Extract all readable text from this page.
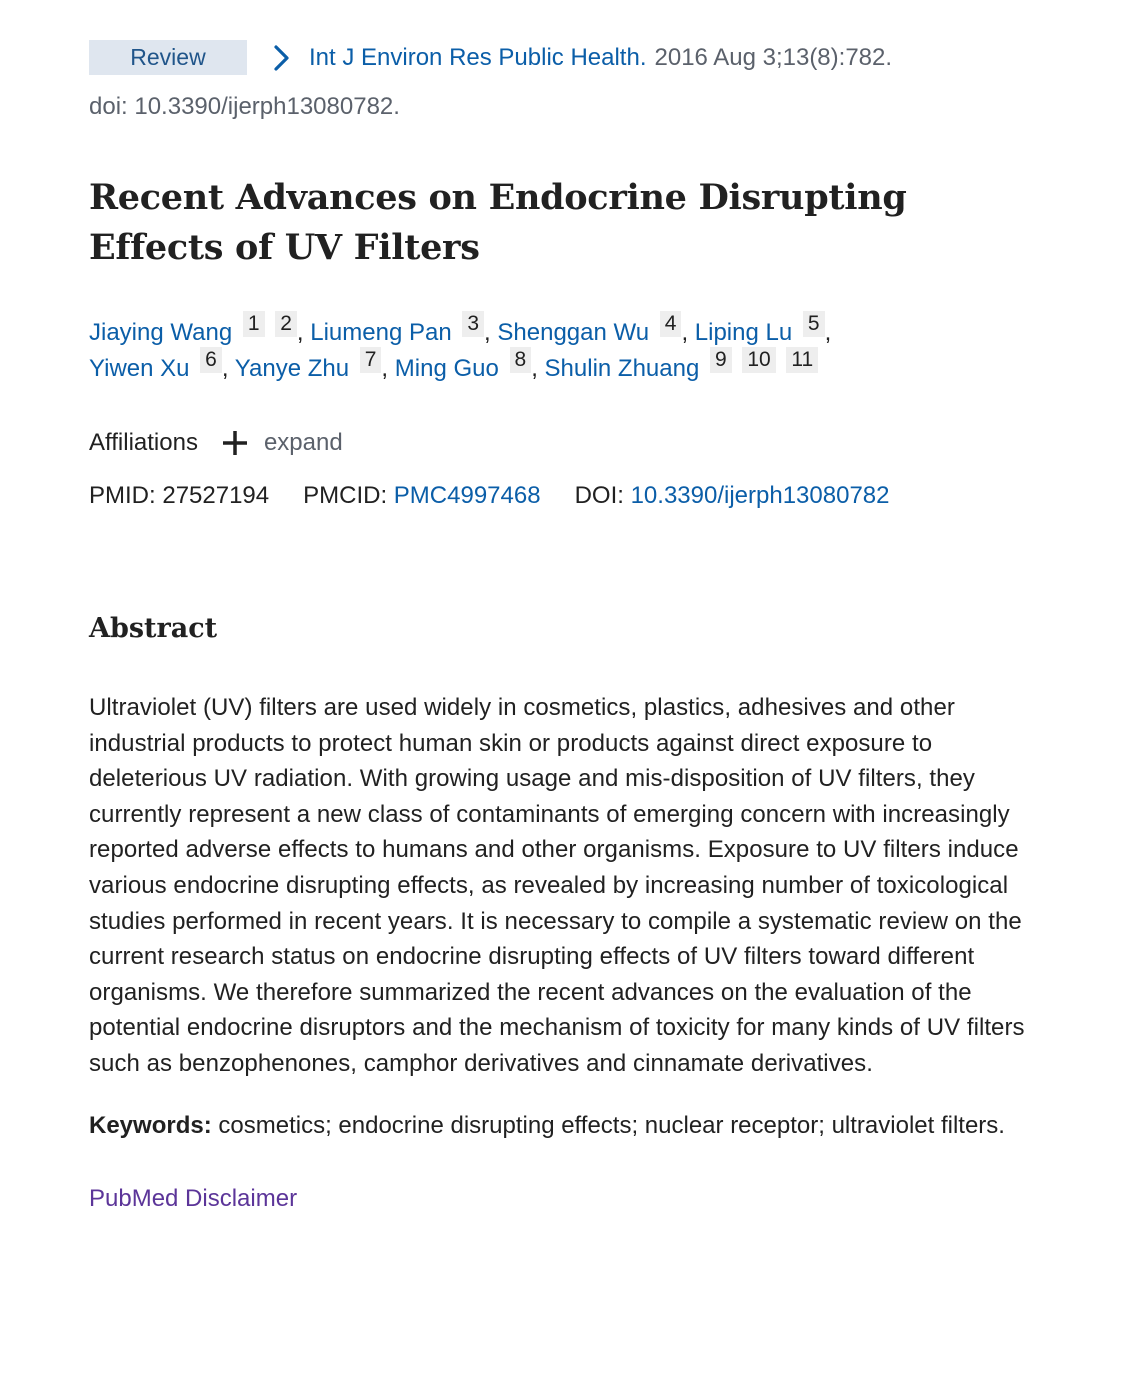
Review	Int J Environ Res Public Health. 2016 Aug 3;13(8):782.
doi: 10.3390/ijerph13080782.
Recent Advances on Endocrine Disrupting Effects of UV Filters
Jiaying Wang 1 2 , Liumeng Pan 3 , Shenggan Wu 4 , Liping Lu 5 ,
Yiwen Xu 6 , Yanye Zhu 7 , Ming Guo 8 , Shulin Zhuang 9 10 11
Affiliations	expand
PMID:
27527194 PMCID:
PMC4997468 DOI:
10.3390/ijerph13080782
Abstract
Ultraviolet (UV) filters are used widely in cosmetics, plastics, adhesives and other industrial products to protect human skin or products against direct exposure to deleterious UV radiation. With growing usage and mis-disposition of UV filters, they currently represent a new class of contaminants of emerging concern with increasingly reported adverse effects to humans and other organisms. Exposure to UV filters induce various endocrine disrupting effects, as revealed by increasing number of toxicological studies performed in recent years. It is necessary to compile a systematic review on the current research status on endocrine disrupting effects of UV filters toward different organisms. We therefore summarized the recent advances on the evaluation of the potential endocrine disruptors and the mechanism of toxicity for many kinds of UV filters such as benzophenones, camphor derivatives and cinnamate derivatives.
Keywords: cosmetics; endocrine disrupting effects; nuclear receptor; ultraviolet filters.
PubMed Disclaimer
